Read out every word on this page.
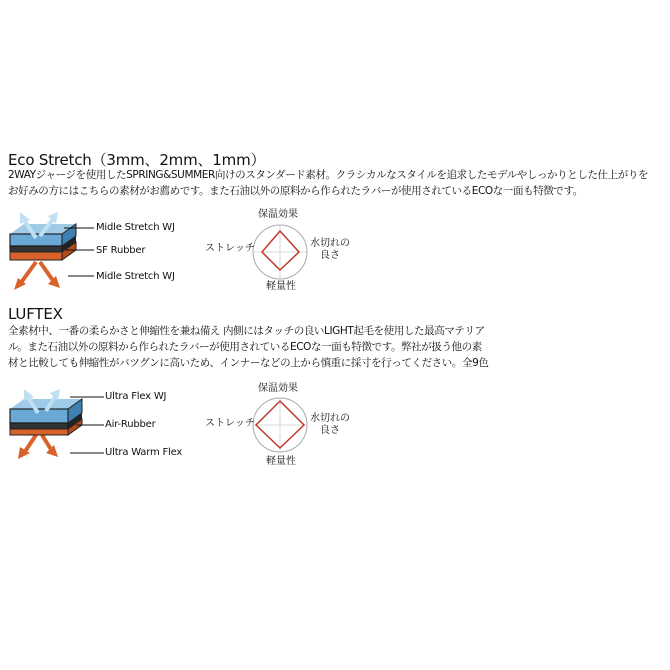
Eco Stretch（3mm、2mm、1mm）
2WAYジャージを使用したSPRING&SUMMER向けのスタンダード素材。クラシカルなスタイルを追求したモデルやしっかりとした仕上がりを
お好みの方にはこちらの素材がお薦めです。また石油以外の原料から作られたラバーが使用されているECOな一面も特徴です。
Midle Stretch WJ
SF Rubber
Midle Stretch WJ
保温効果
ストレッチ	水切れの
良さ
軽量性
LUFTEX
全素材中、一番の柔らかさと伸縮性を兼ね備え 内側にはタッチの良いLIGHT起毛を使用した最高マテリア
ル。また石油以外の原料から作られたラバーが使用されているECOな一面も特徴です。弊社が扱う他の素
材と比較しても伸縮性がバツグンに高いため、インナーなどの上から慎重に採寸を行ってください。全9色
Ultra Flex WJ
Air-Rubber
Ultra Warm Flex
保温効果
ストレッチ	水切れの
良さ
軽量性
